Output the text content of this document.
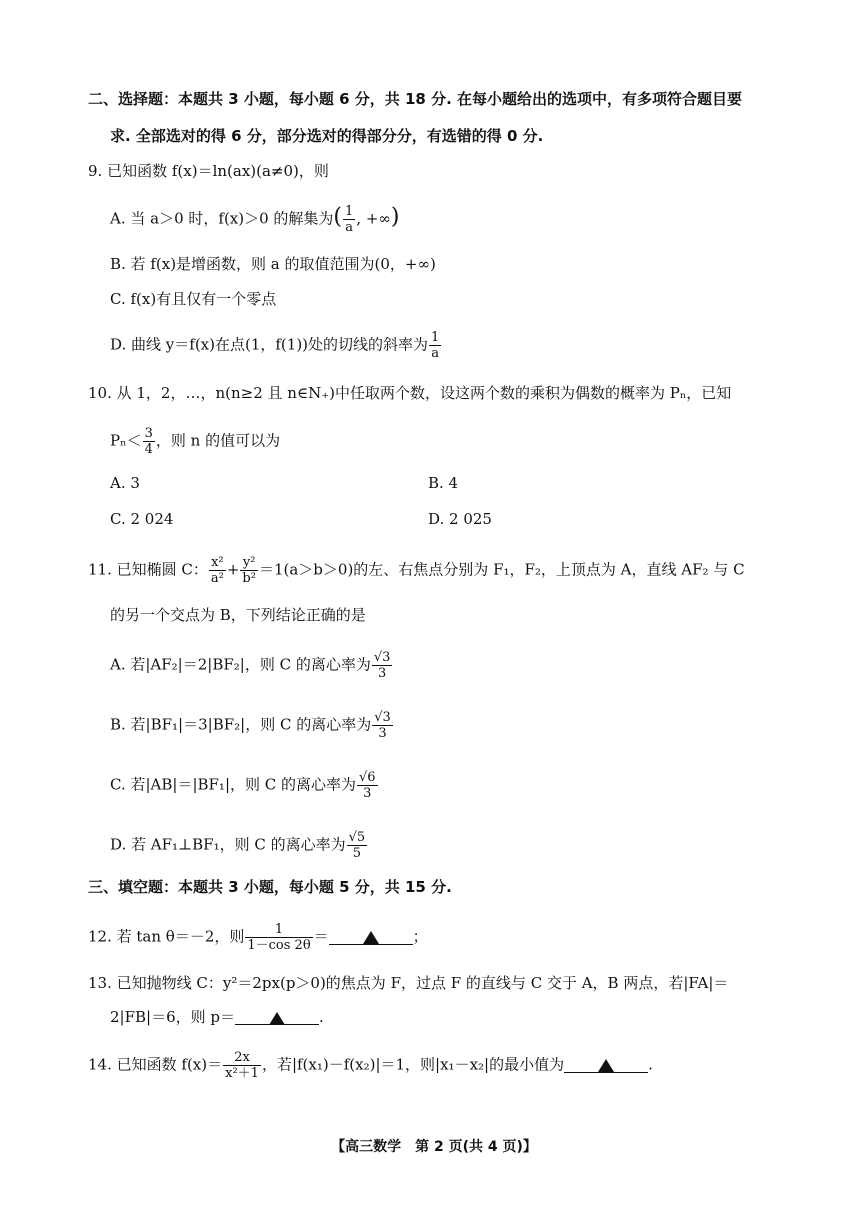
二、选择题：本题共 3 小题，每小题 6 分，共 18 分. 在每小题给出的选项中，有多项符合题目要
求. 全部选对的得 6 分，部分选对的得部分分，有选错的得 0 分.
9. 已知函数 f(x)＝ln(ax)(a≠0)，则
A. 当 a＞0 时，f(x)＞0 的解集为( $\frac{1}{a}$ , +∞)
B. 若 f(x)是增函数，则 a 的取值范围为(0，+∞)
C. f(x)有且仅有一个零点
D. 曲线 y＝f(x)在点(1，f(1))处的切线的斜率为 $\frac{1}{a}$
10. 从 1，2，…，n(n≥2 且 n∈N₊)中任取两个数，设这两个数的乘积为偶数的概率为 Pₙ，已知
$P_n< \frac{3}{4}$ ，则 n 的值可以为
A. 3	B. 4
C. 2 024	D. 2 025
11. 已知椭圆 C： $\frac{\text{x²}}{\text{a²}} + \frac{\text{y²}}{\text{b²}} =1(a>b>0)$的左、右焦点分别为 F₁，F₂，上顶点为 A，直线 AF₂ 与 C
的另一个交点为 B，下列结论正确的是
A. 若|AF₂|＝2|BF₂|，则 C 的离心率为 $\frac{√3}{3}$
B. 若|BF₁|＝3|BF₂|，则 C 的离心率为 $\frac{√3}{3}$
C. 若|AB|＝|BF₁|，则 C 的离心率为 $\frac{√6}{3}$
D. 若 AF₁⊥BF₁，则 C 的离心率为 $\frac{√5}{5}$
三、填空题：本题共 3 小题，每小题 5 分，共 15 分.
12. 若 tan θ＝－2，则 $\frac{1}{1-\cos 2\theta}$ ＝	；
13. 已知抛物线 C：y²＝2px(p＞0)的焦点为 F，过点 F 的直线与 C 交于 A，B 两点，若|FA|＝
2|FB|＝6，则 p＝	.
14. 已知函数 $f(x)= \frac{2x}{\text{x²＋1}}$ ，若|f(x₁)－f(x₂)|＝1，则|x₁－x₂|的最小值为	.
【高三数学　第 2 页(共 4 页)】
